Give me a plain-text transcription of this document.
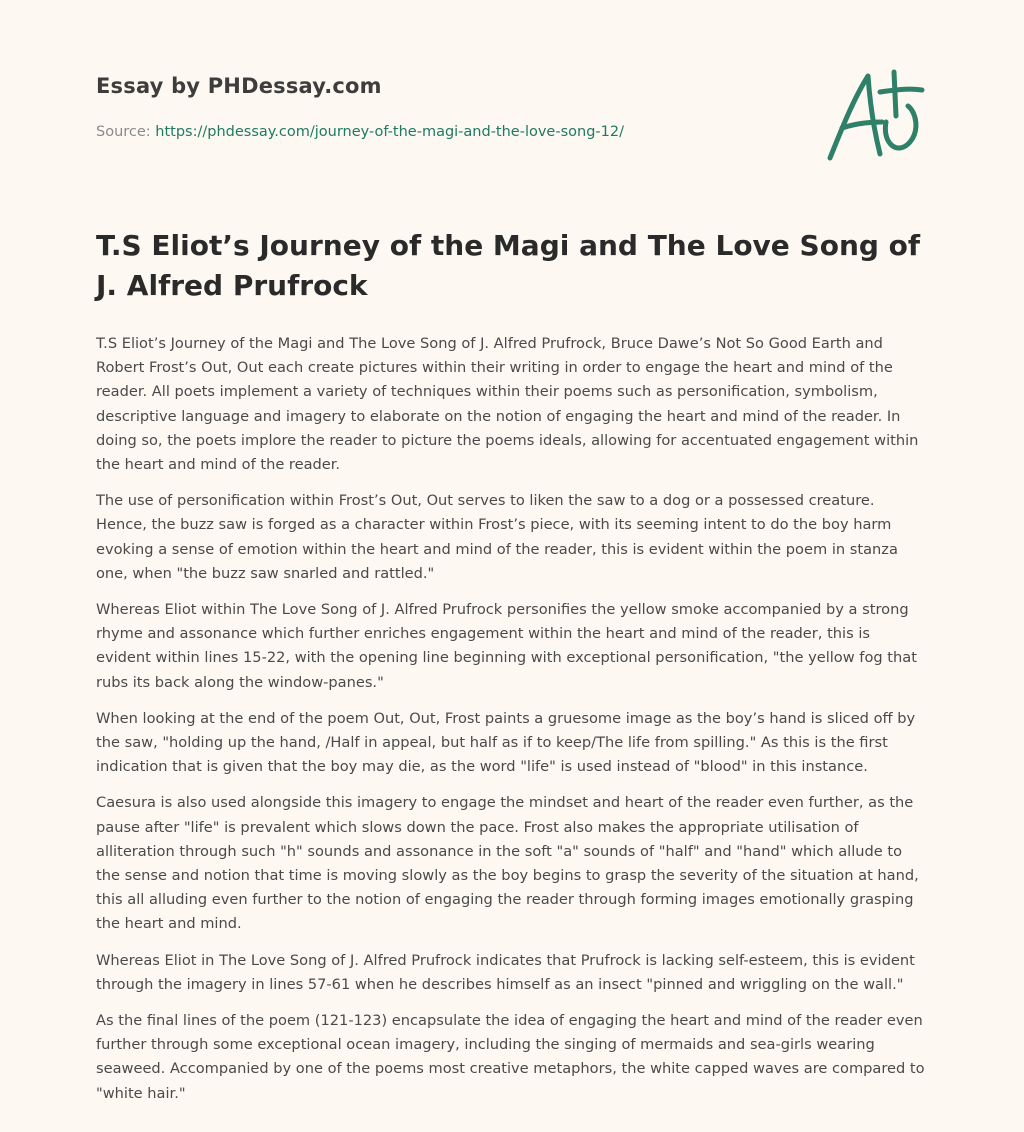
Essay by PHDessay.com
Source: https://phdessay.com/journey-of-the-magi-and-the-love-song-12/
T.S Eliot’s Journey of the Magi and The Love Song of J. Alfred Prufrock

T.S Eliot’s Journey of the Magi and The Love Song of J. Alfred Prufrock, Bruce Dawe’s Not So Good Earth and Robert Frost’s Out, Out each create pictures within their writing in order to engage the heart and mind of the reader. All poets implement a variety of techniques within their poems such as personification, symbolism, descriptive language and imagery to elaborate on the notion of engaging the heart and mind of the reader. In doing so, the poets implore the reader to picture the poems ideals, allowing for accentuated engagement within the heart and mind of the reader.

The use of personification within Frost’s Out, Out serves to liken the saw to a dog or a possessed creature. Hence, the buzz saw is forged as a character within Frost’s piece, with its seeming intent to do the boy harm evoking a sense of emotion within the heart and mind of the reader, this is evident within the poem in stanza one, when "the buzz saw snarled and rattled."

Whereas Eliot within The Love Song of J. Alfred Prufrock personifies the yellow smoke accompanied by a strong rhyme and assonance which further enriches engagement within the heart and mind of the reader, this is evident within lines 15-22, with the opening line beginning with exceptional personification, "the yellow fog that rubs its back along the window-panes."

When looking at the end of the poem Out, Out, Frost paints a gruesome image as the boy’s hand is sliced off by the saw, "holding up the hand, /Half in appeal, but half as if to keep/The life from spilling." As this is the first indication that is given that the boy may die, as the word "life" is used instead of "blood" in this instance.

Caesura is also used alongside this imagery to engage the mindset and heart of the reader even further, as the pause after "life" is prevalent which slows down the pace. Frost also makes the appropriate utilisation of alliteration through such "h" sounds and assonance in the soft "a" sounds of "half" and "hand" which allude to the sense and notion that time is moving slowly as the boy begins to grasp the severity of the situation at hand, this all alluding even further to the notion of engaging the reader through forming images emotionally grasping the heart and mind.

Whereas Eliot in The Love Song of J. Alfred Prufrock indicates that Prufrock is lacking self-esteem, this is evident through the imagery in lines 57-61 when he describes himself as an insect "pinned and wriggling on the wall."

As the final lines of the poem (121-123) encapsulate the idea of engaging the heart and mind of the reader even further through some exceptional ocean imagery, including the singing of mermaids and sea-girls wearing seaweed. Accompanied by one of the poems most creative metaphors, the white capped waves are compared to "white hair."
